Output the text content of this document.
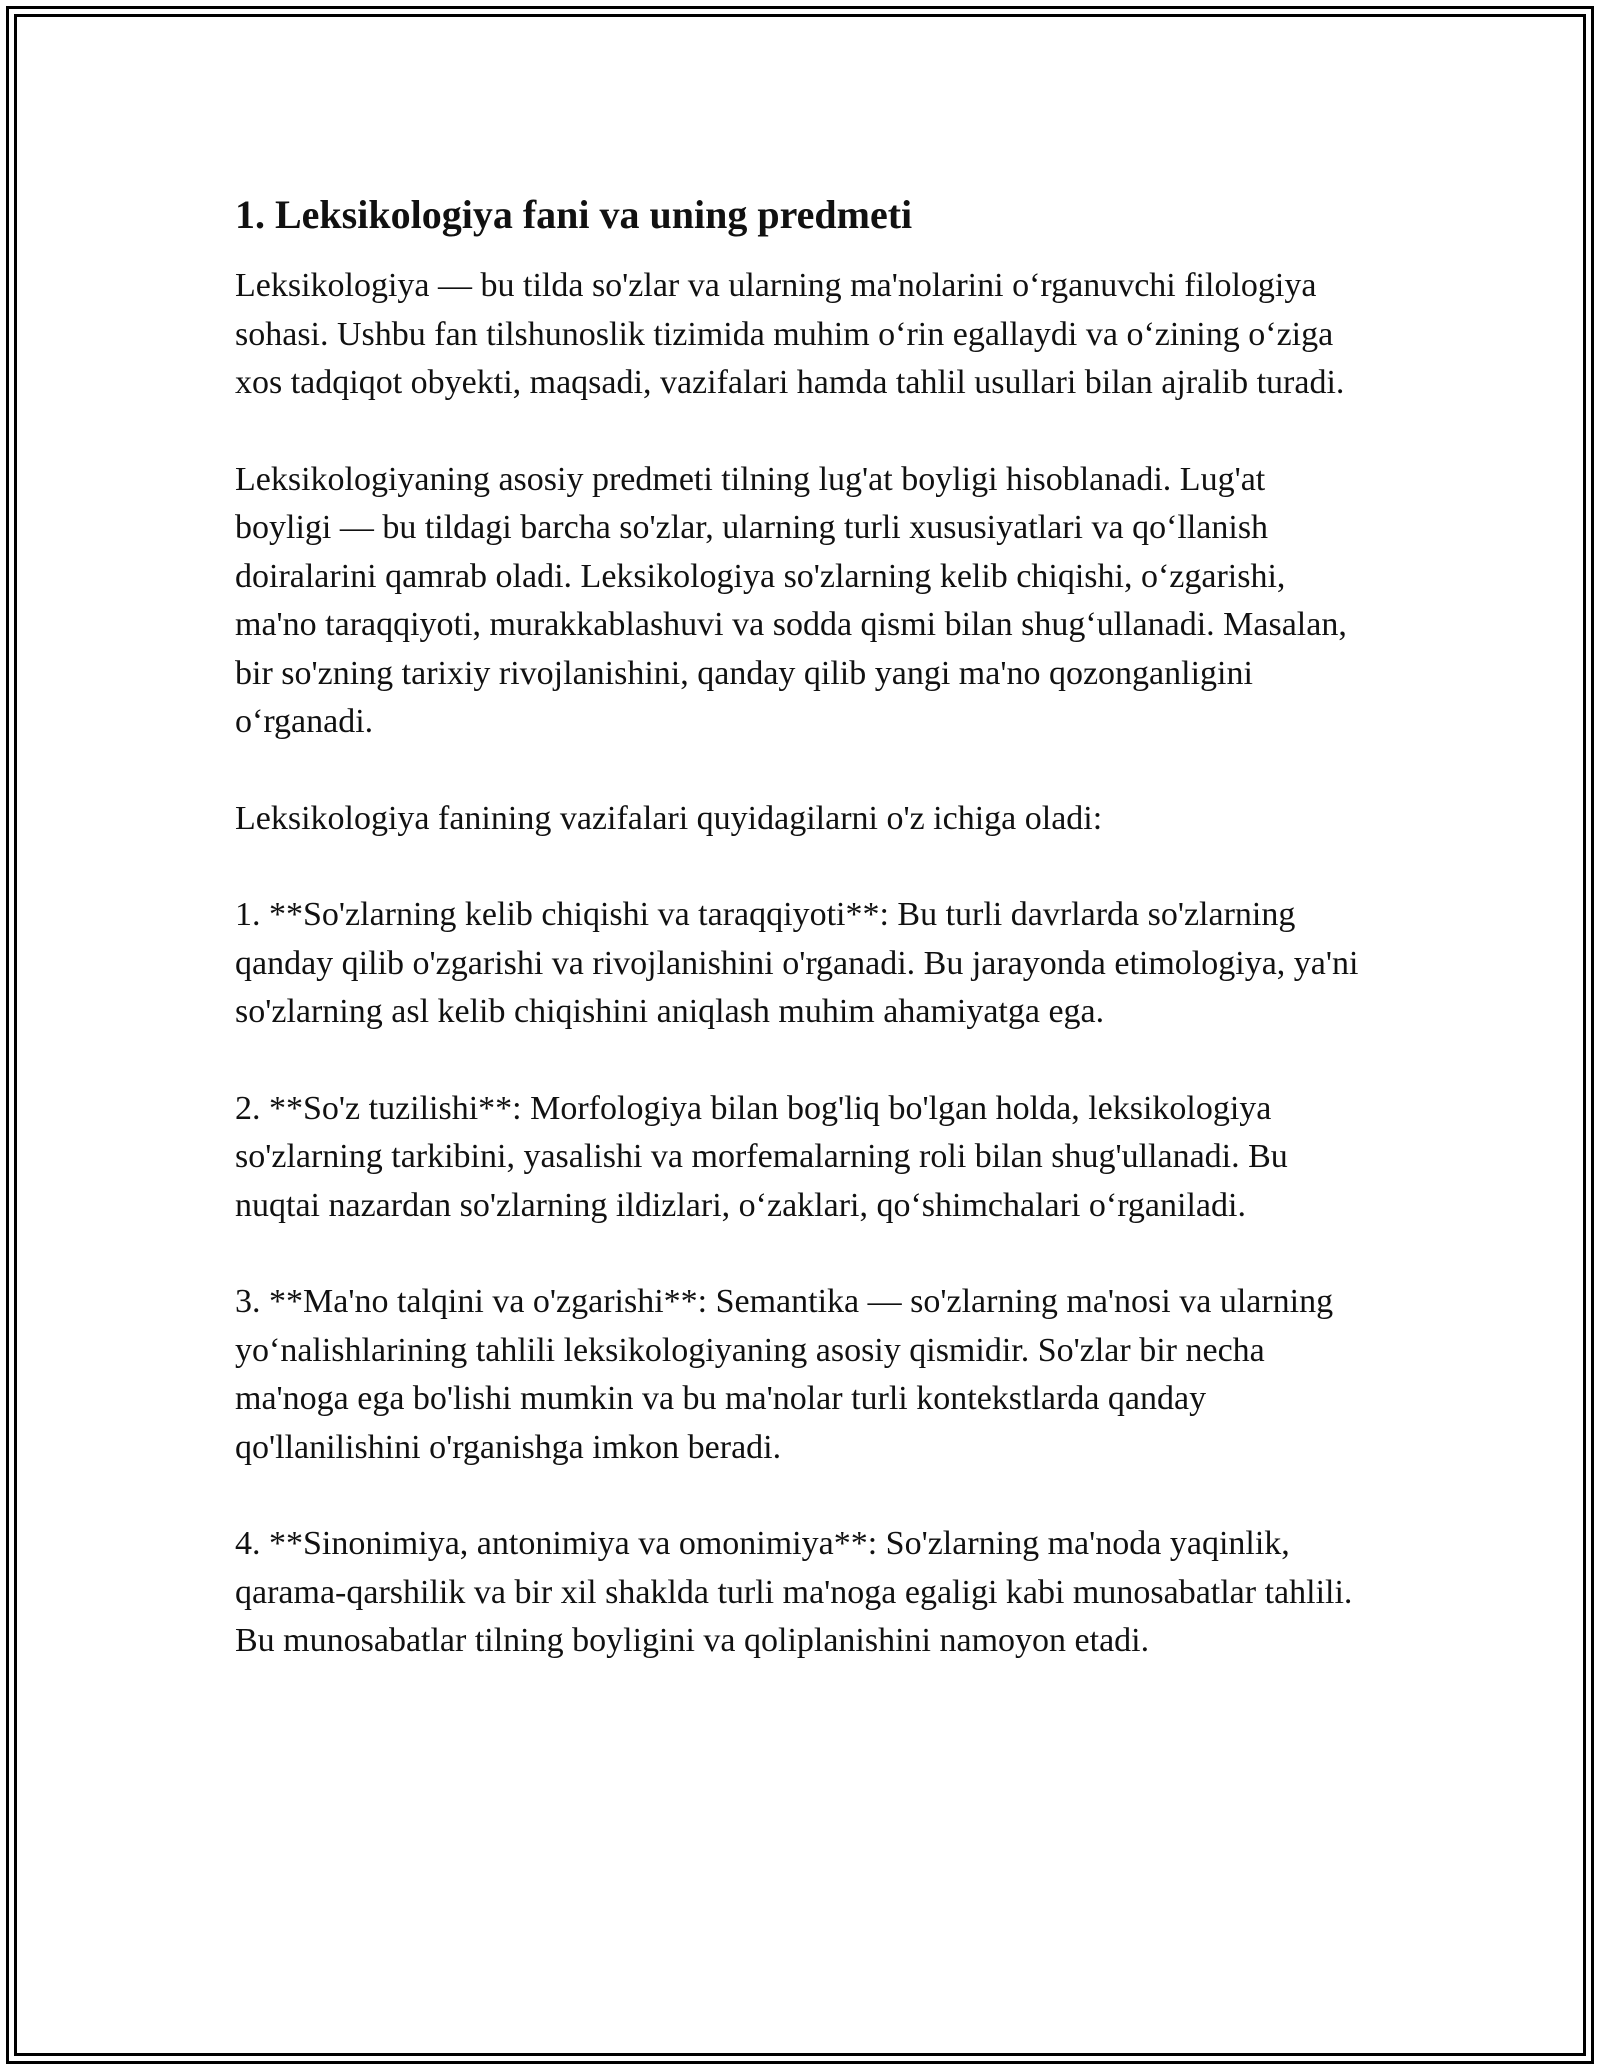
1. Leksikologiya fani va uning predmeti

Leksikologiya — bu tilda so'zlar va ularning ma'nolarini o‘rganuvchi filologiya sohasi. Ushbu fan tilshunoslik tizimida muhim o‘rin egallaydi va o‘zining o‘ziga xos tadqiqot obyekti, maqsadi, vazifalari hamda tahlil usullari bilan ajralib turadi.

Leksikologiyaning asosiy predmeti tilning lug'at boyligi hisoblanadi. Lug'at boyligi — bu tildagi barcha so'zlar, ularning turli xususiyatlari va qo‘llanish doiralarini qamrab oladi. Leksikologiya so'zlarning kelib chiqishi, o‘zgarishi, ma'no taraqqiyoti, murakkablashuvi va sodda qismi bilan shug‘ullanadi. Masalan, bir so'zning tarixiy rivojlanishini, qanday qilib yangi ma'no qozonganligini o‘rganadi.

Leksikologiya fanining vazifalari quyidagilarni o'z ichiga oladi:

1. **So'zlarning kelib chiqishi va taraqqiyoti**: Bu turli davrlarda so'zlarning qanday qilib o'zgarishi va rivojlanishini o'rganadi. Bu jarayonda etimologiya, ya'ni so'zlarning asl kelib chiqishini aniqlash muhim ahamiyatga ega.

2. **So'z tuzilishi**: Morfologiya bilan bog'liq bo'lgan holda, leksikologiya so'zlarning tarkibini, yasalishi va morfemalarning roli bilan shug'ullanadi. Bu nuqtai nazardan so'zlarning ildizlari, o‘zaklari, qo‘shimchalari o‘rganiladi.

3. **Ma'no talqini va o'zgarishi**: Semantika — so'zlarning ma'nosi va ularning yo‘nalishlarining tahlili leksikologiyaning asosiy qismidir. So'zlar bir necha ma'noga ega bo'lishi mumkin va bu ma'nolar turli kontekstlarda qanday qo'llanilishini o'rganishga imkon beradi.

4. **Sinonimiya, antonimiya va omonimiya**: So'zlarning ma'noda yaqinlik, qarama-qarshilik va bir xil shaklda turli ma'noga egaligi kabi munosabatlar tahlili. Bu munosabatlar tilning boyligini va qoliplanishini namoyon etadi.
